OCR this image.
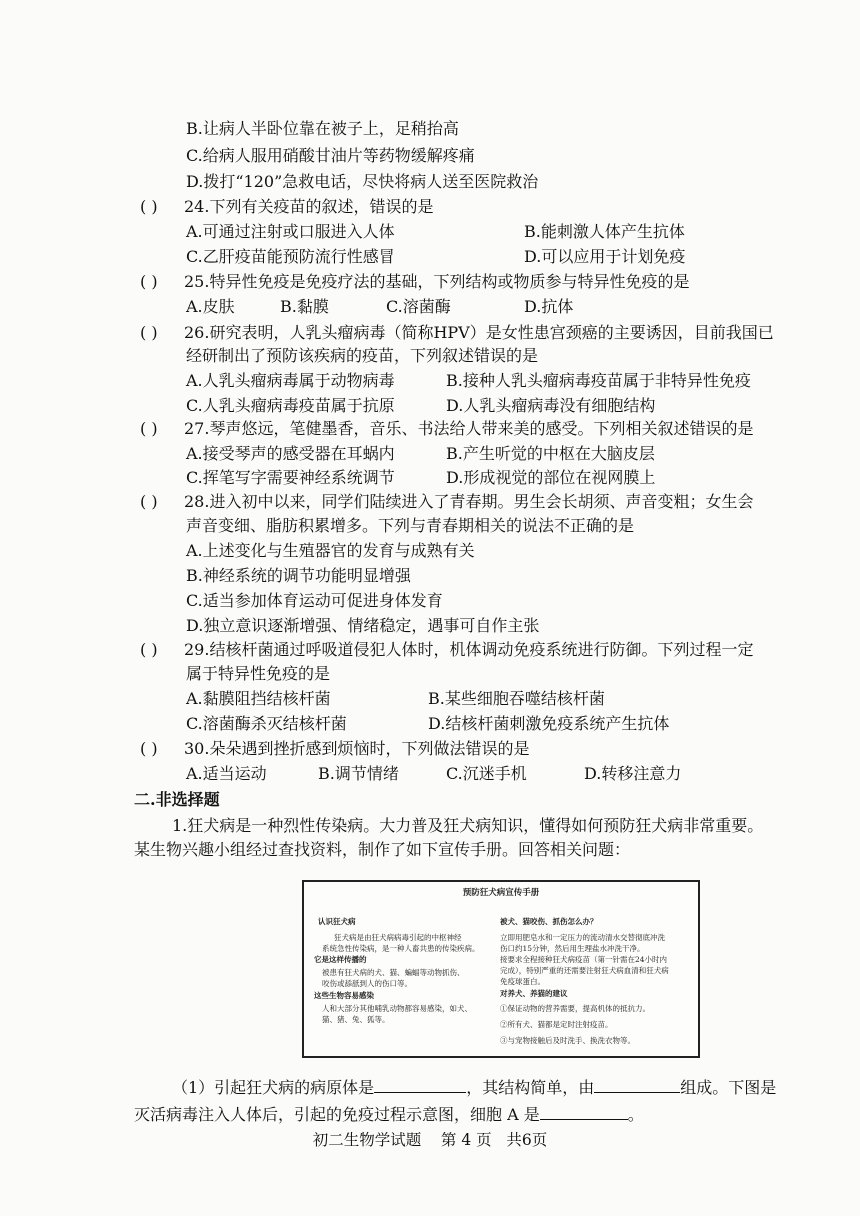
B.让病人半卧位靠在被子上，足稍抬高
C.给病人服用硝酸甘油片等药物缓解疼痛
D.拨打“120”急救电话，尽快将病人送至医院救治
( ) 24.下列有关疫苗的叙述，错误的是
A.可通过注射或口服进入人体	B.能刺激人体产生抗体
C.乙肝疫苗能预防流行性感冒	D.可以应用于计划免疫
( ) 25.特异性免疫是免疫疗法的基础，下列结构或物质参与特异性免疫的是
A.皮肤	B.黏膜	C.溶菌酶	D.抗体
( ) 26.研究表明，人乳头瘤病毒（简称HPV）是女性患宫颈癌的主要诱因，目前我国已
经研制出了预防该疾病的疫苗，下列叙述错误的是
A.人乳头瘤病毒属于动物病毒	B.接种人乳头瘤病毒疫苗属于非特异性免疫
C.人乳头瘤病毒疫苗属于抗原	D.人乳头瘤病毒没有细胞结构
( ) 27.琴声悠远，笔健墨香，音乐、书法给人带来美的感受。下列相关叙述错误的是
A.接受琴声的感受器在耳蜗内	B.产生听觉的中枢在大脑皮层
C.挥笔写字需要神经系统调节	D.形成视觉的部位在视网膜上
( ) 28.进入初中以来，同学们陆续进入了青春期。男生会长胡须、声音变粗；女生会
声音变细、脂肪积累增多。下列与青春期相关的说法不正确的是
A.上述变化与生殖器官的发育与成熟有关
B.神经系统的调节功能明显增强
C.适当参加体育运动可促进身体发育
D.独立意识逐渐增强、情绪稳定，遇事可自作主张
( ) 29.结核杆菌通过呼吸道侵犯人体时，机体调动免疫系统进行防御。下列过程一定
属于特异性免疫的是
A.黏膜阻挡结核杆菌	B.某些细胞吞噬结核杆菌
C.溶菌酶杀灭结核杆菌	D.结核杆菌刺激免疫系统产生抗体
( ) 30.朵朵遇到挫折感到烦恼时，下列做法错误的是
A.适当运动	B.调节情绪	C.沉迷手机	D.转移注意力
二.非选择题
1.狂犬病是一种烈性传染病。大力普及狂犬病知识，懂得如何预防狂犬病非常重要。
某生物兴趣小组经过查找资料，制作了如下宣传手册。回答相关问题：
预防狂犬病宣传手册
认识狂犬病
狂犬病是由狂犬病病毒引起的中枢神经
系统急性传染病，是一种人畜共患的传染疾病。
它是这样传播的
被患有狂犬病的犬、猫、蝙蝠等动物抓伤、
咬伤或舔舐到人的伤口等。
这些生物容易感染
人和大部分其他哺乳动物都容易感染，如犬、
猫、猪、兔、狐等。
被犬、猫咬伤、抓伤怎么办？
立即用肥皂水和一定压力的流动清水交替彻底冲洗
伤口约15分钟，然后用生理盐水冲洗干净。
接要求全程接种狂犬病疫苗（第一针需在24小时内
完成），特别严重的还需要注射狂犬病血清和狂犬病
免疫球蛋白。
对养犬、养猫的建议
①保证动物的营养需要，提高机体的抵抗力。
②所有犬、猫都是定时注射疫苗。
③与宠物接触后及时洗手、换洗衣物等。
（1）引起狂犬病的病原体是	，其结构简单，由	组成。下图是
灭活病毒注入人体后，引起的免疫过程示意图，细胞 A 是	。
初二生物学试题 第 4 页 共6页
